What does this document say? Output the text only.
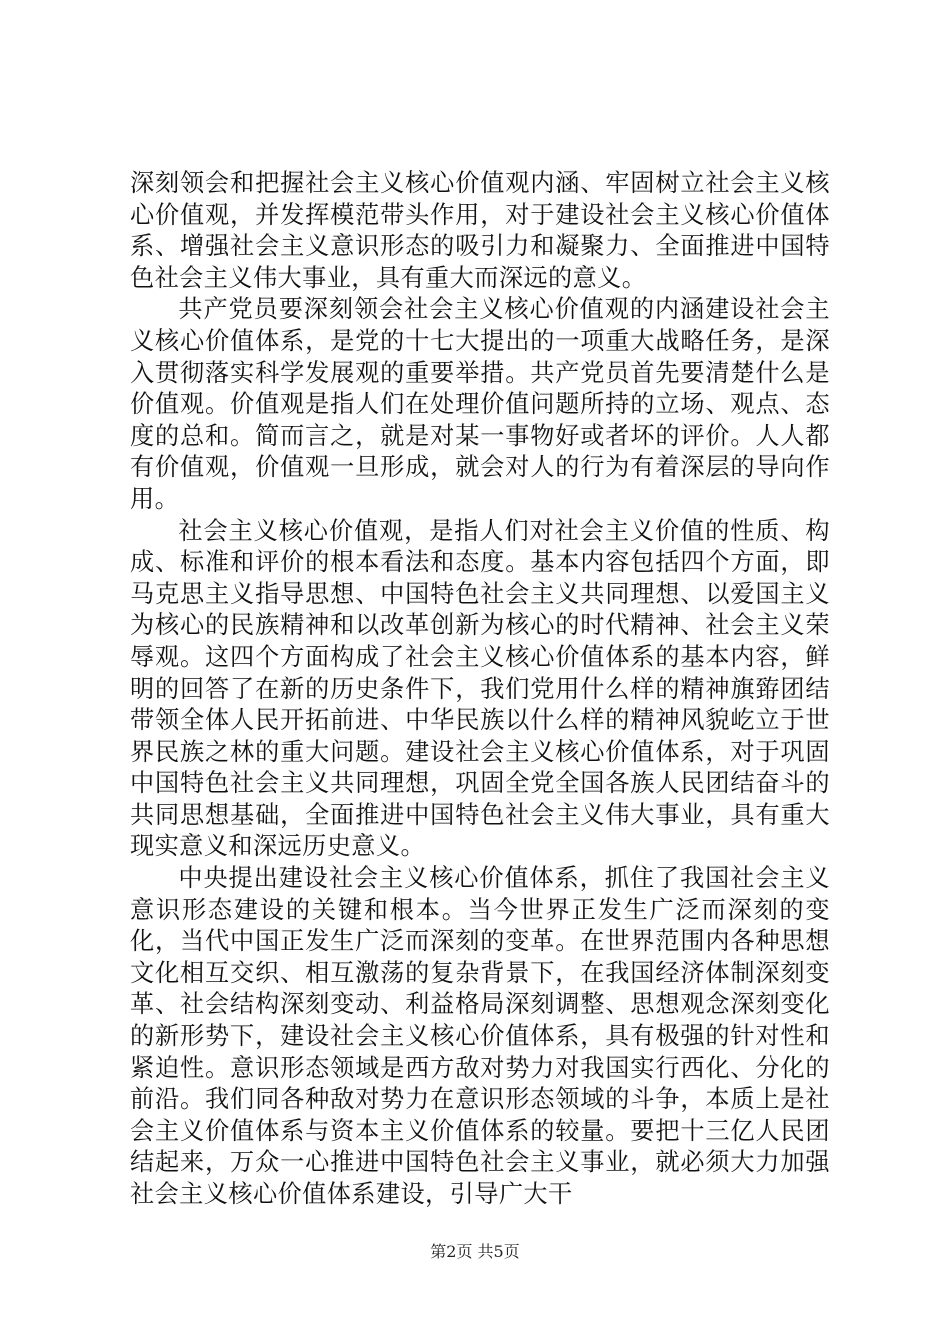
深刻领会和把握社会主义核心价值观内涵、牢固树立社会主义核心价值观，并发挥模范带头作用，对于建设社会主义核心价值体系、增强社会主义意识形态的吸引力和凝聚力、全面推进中国特色社会主义伟大事业，具有重大而深远的意义。

共产党员要深刻领会社会主义核心价值观的内涵建设社会主义核心价值体系，是党的十七大提出的一项重大战略任务，是深入贯彻落实科学发展观的重要举措。共产党员首先要清楚什么是价值观。价值观是指人们在处理价值问题所持的立场、观点、态度的总和。简而言之，就是对某一事物好或者坏的评价。人人都有价值观，价值观一旦形成，就会对人的行为有着深层的导向作用。

社会主义核心价值观，是指人们对社会主义价值的性质、构成、标准和评价的根本看法和态度。基本内容包括四个方面，即马克思主义指导思想、中国特色社会主义共同理想、以爱国主义为核心的民族精神和以改革创新为核心的时代精神、社会主义荣辱观。这四个方面构成了社会主义核心价值体系的基本内容，鲜明的回答了在新的历史条件下，我们党用什么样的精神旗臶团结带领全体人民开拓前进、中华民族以什么样的精神风貌屹立于世界民族之林的重大问题。建设社会主义核心价值体系，对于巩固中国特色社会主义共同理想，巩固全党全国各族人民团结奋斗的共同思想基础，全面推进中国特色社会主义伟大事业，具有重大现实意义和深远历史意义。

中央提出建设社会主义核心价值体系，抓住了我国社会主义意识形态建设的关键和根本。当今世界正发生广泛而深刻的变化，当代中国正发生广泛而深刻的变革。在世界范围内各种思想文化相互交织、相互激荡的复杂背景下，在我国经济体制深刻变革、社会结构深刻变动、利益格局深刻调整、思想观念深刻变化的新形势下，建设社会主义核心价值体系，具有极强的针对性和紧迫性。意识形态领域是西方敌对势力对我国实行西化、分化的前沿。我们同各种敌对势力在意识形态领域的斗争，本质上是社会主义价值体系与资本主义价值体系的较量。要把十三亿人民团结起来，万众一心推进中国特色社会主义事业，就必须大力加强社会主义核心价值体系建设，引导广大干

第2页 共5页
